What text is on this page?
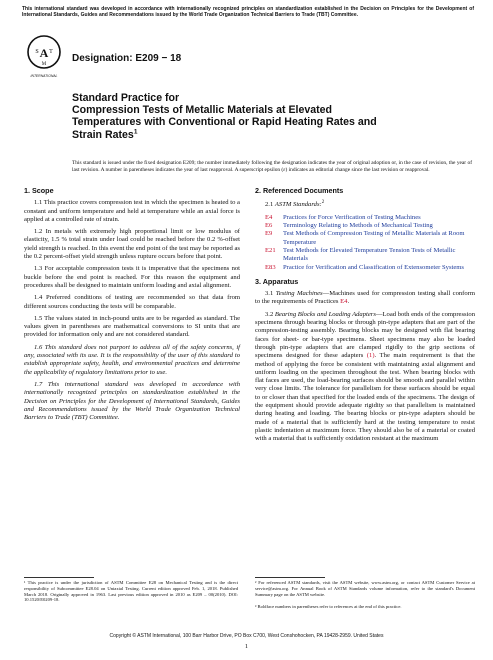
This international standard was developed in accordance with internationally recognized principles on standardization established in the Decision on Principles for the Development of International Standards, Guides and Recommendations issued by the World Trade Organization Technical Barriers to Trade (TBT) Committee.
A
S T
M
INTERNATIONAL
Designation: E209 − 18
Standard Practice for
Compression Tests of Metallic Materials at Elevated Temperatures with Conventional or Rapid Heating Rates and Strain Rates$^1$
This standard is issued under the fixed designation E209; the number immediately following the designation indicates the year of original adoption or, in the case of revision, the year of last revision. A number in parentheses indicates the year of last reapproval. A superscript epsilon (ε) indicates an editorial change since the last revision or reapproval.
1. Scope

1.1 This practice covers compression test in which the specimen is heated to a constant and uniform temperature and held at temperature while an axial force is applied at a controlled rate of strain.

1.2 In metals with extremely high proportional limit or low modulus of elasticity, 1.5 % total strain under load could be reached before the 0.2 %-offset yield strength is reached. In this event the end point of the test may be reported as the 0.2 percent-offset yield strength unless rupture occurs before that point.

1.3 For acceptable compression tests it is imperative that the specimens not buckle before the end point is reached. For this reason the equipment and procedures shall be designed to maintain uniform loading and axial alignment.

1.4 Preferred conditions of testing are recommended so that data from different sources conducting the tests will be comparable.

1.5 The values stated in inch-pound units are to be regarded as standard. The values given in parentheses are mathematical conversions to SI units that are provided for information only and are not considered standard.

1.6 This standard does not purport to address all of the safety concerns, if any, associated with its use. It is the responsibility of the user of this standard to establish appropriate safety, health, and environmental practices and determine the applicability of regulatory limitations prior to use.

1.7 This international standard was developed in accordance with internationally recognized principles on standardization established in the Decision on Principles for the Development of International Standards, Guides and Recommendations issued by the World Trade Organization Technical Barriers to Trade (TBT) Committee.

2. Referenced Documents

2.1 ASTM Standards:$^2$

E4	Practices for Force Verification of Testing Machines
E6	Terminology Relating to Methods of Mechanical Testing
E9	Test Methods of Compression Testing of Metallic Materials at Room Temperature
E21	Test Methods for Elevated Temperature Tension Tests of Metallic Materials
E83	Practice for Verification and Classification of Extensometer Systems
3. Apparatus

3.1 Testing Machines—Machines used for compression testing shall conform to the requirements of Practices E4.

3.2 Bearing Blocks and Loading Adapters—Load both ends of the compression specimens through bearing blocks or through pin-type adapters that are part of the compression-testing assembly. Bearing blocks may be designed with flat bearing faces for sheet- or bar-type specimens. Sheet specimens may also be loaded through pin-type adapters that are clamped rigidly to the grip sections of specimens designed for these adapters (1). The main requirement is that the method of applying the force be consistent with maintaining axial alignment and uniform loading on the specimen throughout the test. When bearing blocks with flat faces are used, the load-bearing surfaces should be smooth and parallel within very close limits. The tolerance for parallelism for these surfaces should be equal to or closer than that specified for the loaded ends of the specimens. The design of the equipment should provide adequate rigidity so that parallelism is maintained during heating and loading. The bearing blocks or pin-type adapters should be made of a material that is sufficiently hard at the testing temperature to resist plastic indentation at maximum force. They should also be of a material or coated with a material that is sufficiently oxidation resistant at the maximum

¹ This practice is under the jurisdiction of ASTM Committee E28 on Mechanical Testing and is the direct responsibility of Subcommittee E28.04 on Uniaxial Testing. Current edition approved Feb. 1, 2018. Published March 2018. Originally approved in 1963. Last previous edition approved in 2010 as E209 – 00(2010). DOI: 10.1520/E0209-18.
² For referenced ASTM standards, visit the ASTM website, www.astm.org, or contact ASTM Customer Service at service@astm.org. For Annual Book of ASTM Standards volume information, refer to the standard's Document Summary page on the ASTM website.
³ Boldface numbers in parentheses refer to references at the end of this practice.
Copyright © ASTM International, 100 Barr Harbor Drive, PO Box C700, West Conshohocken, PA 19428-2959. United States
1
